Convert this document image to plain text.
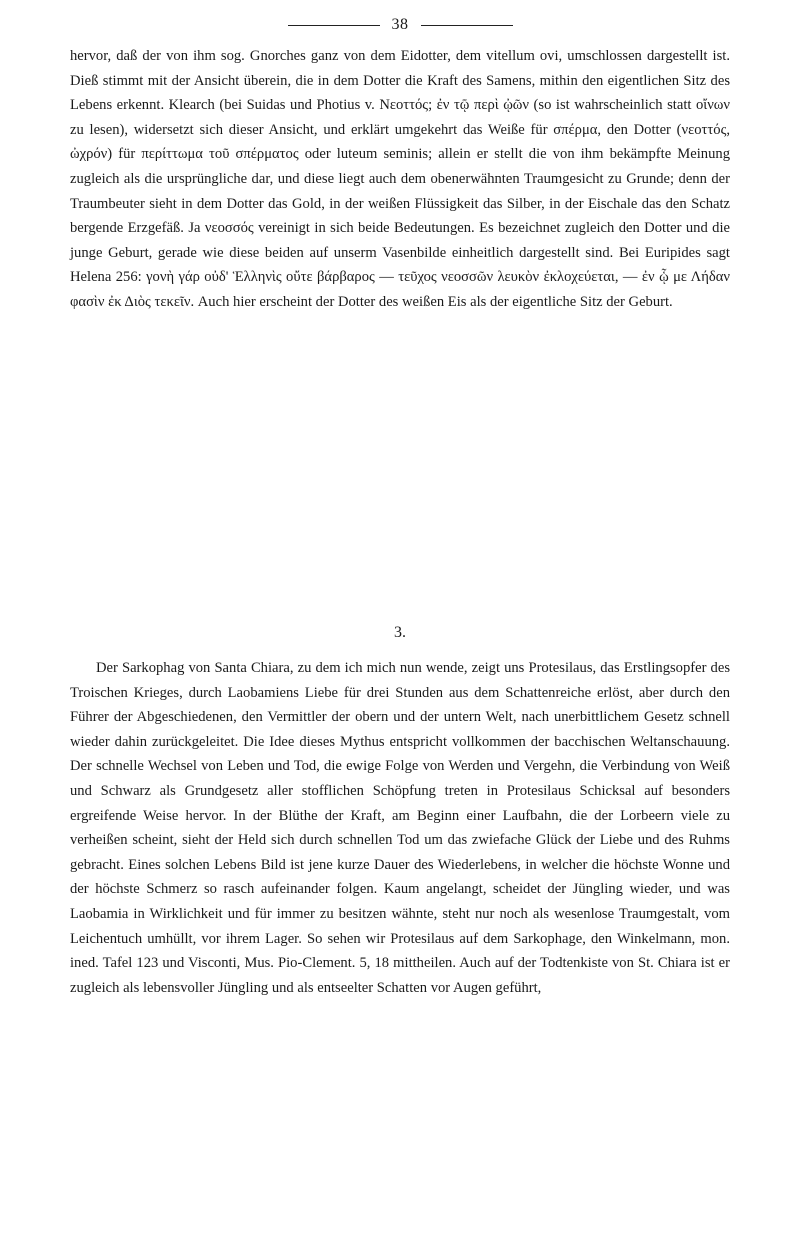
38

hervor, daß der von ihm sog. Gnorches ganz von dem Eidotter, dem vitellum ovi, umschlossen dargestellt ist. Dieß stimmt mit der Ansicht überein, die in dem Dotter die Kraft des Samens, mithin den eigentlichen Sitz des Lebens erkennt. Klearch (bei Suidas und Photius v. Νεοττός; ἐν τῷ περὶ ᾠῶν (so ist wahrscheinlich statt οἴνων zu lesen), widersetzt sich dieser Ansicht, und erklärt umgekehrt das Weiße für σπέρμα, den Dotter (νεοττός, ὠχρόν) für περίττωμα τοῦ σπέρματος oder luteum seminis; allein er stellt die von ihm bekämpfte Meinung zugleich als die ursprüngliche dar, und diese liegt auch dem obenerwähnten Traumgesicht zu Grunde; denn der Traumbeuter sieht in dem Dotter das Gold, in der weißen Flüssigkeit das Silber, in der Eischale das den Schatz bergende Erzgefäß. Ja νεοσσός vereinigt in sich beide Bedeutungen. Es bezeichnet zugleich den Dotter und die junge Geburt, gerade wie diese beiden auf unserm Vasenbilde einheitlich dargestellt sind. Bei Euripides sagt Helena 256: γονὴ γάρ οὐδ' Ἑλληνὶς οὔτε βάρβαρος — τεῦχος νεοσσῶν λευκὸν ἐκλοχεύεται, — ἐν ᾧ με Λήδαν φασὶν ἐκ Διὸς τεκεῖν. Auch hier erscheint der Dotter des weißen Eis als der eigentliche Sitz der Geburt.

3.

Der Sarkophag von Santa Chiara, zu dem ich mich nun wende, zeigt uns Protesilaus, das Erstlingsopfer des Troischen Krieges, durch Laobamiens Liebe für drei Stunden aus dem Schattenreiche erlöst, aber durch den Führer der Abgeschiedenen, den Vermittler der obern und der untern Welt, nach unerbittlichem Gesetz schnell wieder dahin zurückgeleitet. Die Idee dieses Mythus entspricht vollkommen der bacchischen Weltanschauung. Der schnelle Wechsel von Leben und Tod, die ewige Folge von Werden und Vergehn, die Verbindung von Weiß und Schwarz als Grundgesetz aller stofflichen Schöpfung treten in Protesilaus Schicksal auf besonders ergreifende Weise hervor. In der Blüthe der Kraft, am Beginn einer Laufbahn, die der Lorbeern viele zu verheißen scheint, sieht der Held sich durch schnellen Tod um das zwiefache Glück der Liebe und des Ruhms gebracht. Eines solchen Lebens Bild ist jene kurze Dauer des Wiederlebens, in welcher die höchste Wonne und der höchste Schmerz so rasch aufeinander folgen. Kaum angelangt, scheidet der Jüngling wieder, und was Laobamia in Wirklichkeit und für immer zu besitzen wähnte, steht nur noch als wesenlose Traumgestalt, vom Leichentuch umhüllt, vor ihrem Lager. So sehen wir Protesilaus auf dem Sarkophage, den Winkelmann, mon. ined. Tafel 123 und Visconti, Mus. Pio-Clement. 5, 18 mittheilen. Auch auf der Todtenkiste von St. Chiara ist er zugleich als lebensvoller Jüngling und als entseelter Schatten vor Augen geführt,
